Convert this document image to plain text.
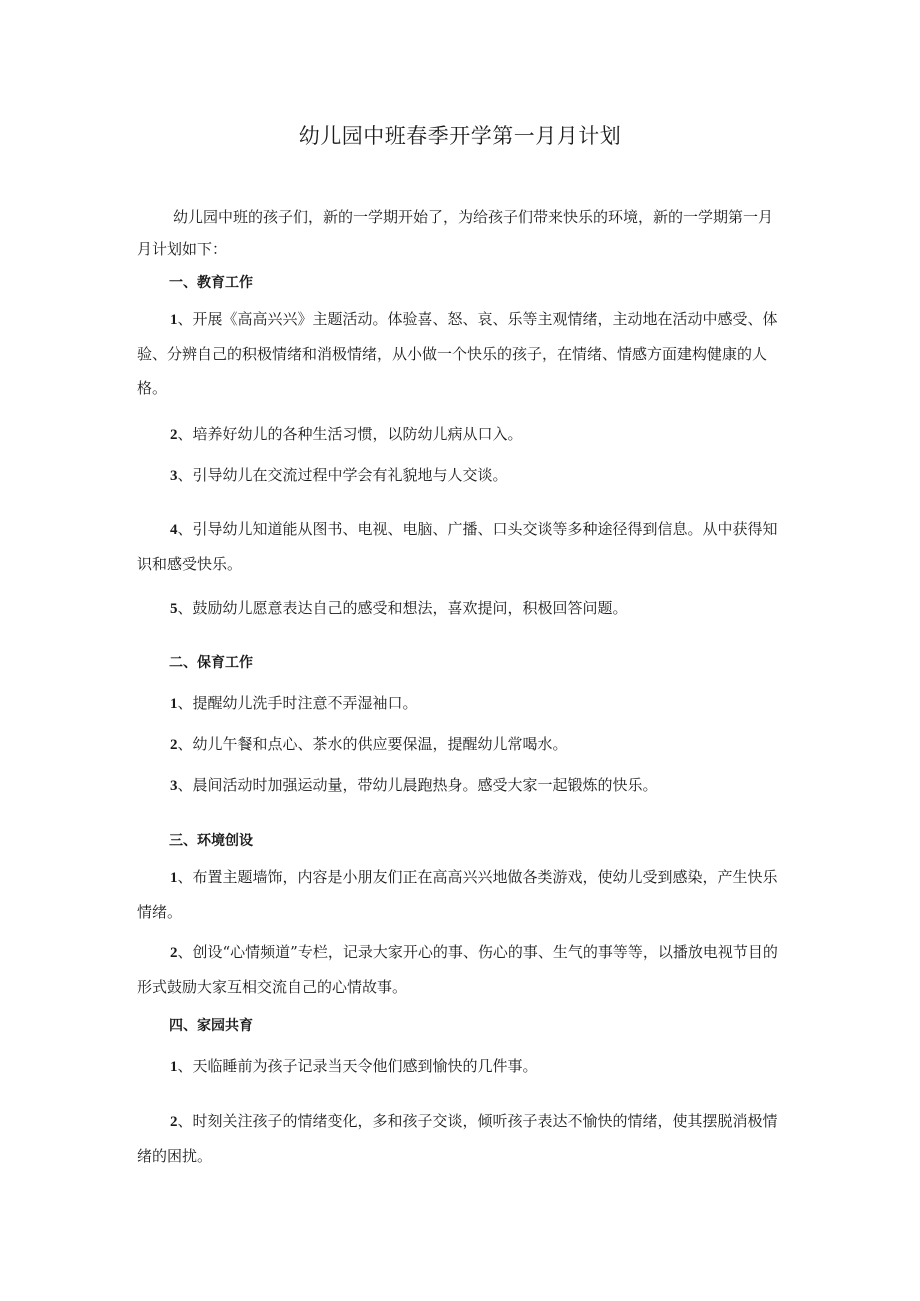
幼儿园中班春季开学第一月月计划

幼儿园中班的孩子们，新的一学期开始了，为给孩子们带来快乐的环境，新的一学期第一月月计划如下：

一、教育工作

1、开展《高高兴兴》主题活动。体验喜、怒、哀、乐等主观情绪，主动地在活动中感受、体验、分辨自己的积极情绪和消极情绪，从小做一个快乐的孩子，在情绪、情感方面建构健康的人格。

2、培养好幼儿的各种生活习惯，以防幼儿病从口入。

3、引导幼儿在交流过程中学会有礼貌地与人交谈。

4、引导幼儿知道能从图书、电视、电脑、广播、口头交谈等多种途径得到信息。从中获得知识和感受快乐。

5、鼓励幼儿愿意表达自己的感受和想法，喜欢提问，积极回答问题。

二、保育工作

1、提醒幼儿洗手时注意不弄湿袖口。

2、幼儿午餐和点心、茶水的供应要保温，提醒幼儿常喝水。

3、晨间活动时加强运动量，带幼儿晨跑热身。感受大家一起锻炼的快乐。

三、环境创设

1、布置主题墙饰，内容是小朋友们正在高高兴兴地做各类游戏，使幼儿受到感染，产生快乐情绪。

2、创设“心情频道”专栏，记录大家开心的事、伤心的事、生气的事等等，以播放电视节目的形式鼓励大家互相交流自己的心情故事。

四、家园共育

1、天临睡前为孩子记录当天令他们感到愉快的几件事。

2、时刻关注孩子的情绪变化，多和孩子交谈，倾听孩子表达不愉快的情绪，使其摆脱消极情绪的困扰。
